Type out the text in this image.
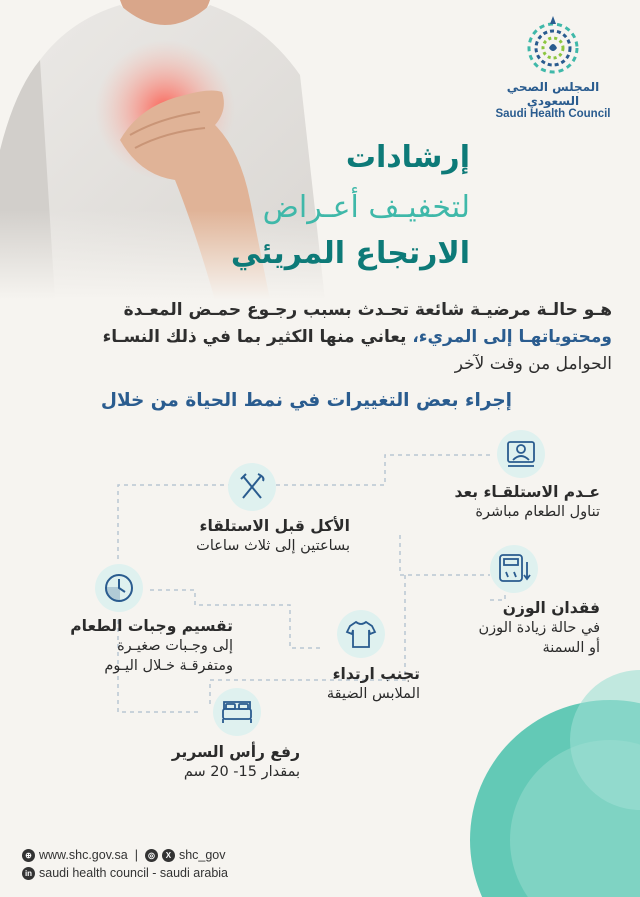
المجلس الصحي السعودي
Saudi Health Council
إرشادات
لتخفيـف أعـراض
الارتجاع المريئي
هـو حالـة مرضيـة شائعة تحـدث بسبب رجـوع حمـض المعـدة
ومحتوياتهـا إلى المريء، يعاني منها الكثير بما في ذلك النسـاء
الحوامل من وقت لآخر
إجراء بعض التغييرات في نمط الحياة من خلال
عـدم الاستلقـاء بعد
تناول الطعام مباشرة
الأكل قبل الاستلقاء
بساعتين إلى ثلاث ساعات
فقدان الوزن
في حالة زيادة الوزن
أو السمنة
تقسيم وجبات الطعام
إلى وجـبات صغيـرة
ومتفرقـة خـلال اليـوم	تجنب ارتداء
الملابس الضيقة
رفع رأس السرير
بمقدار 15- 20 سم
⊕ www.shc.gov.sa |	◎	X shc_gov
in saudi health council - saudi arabia
